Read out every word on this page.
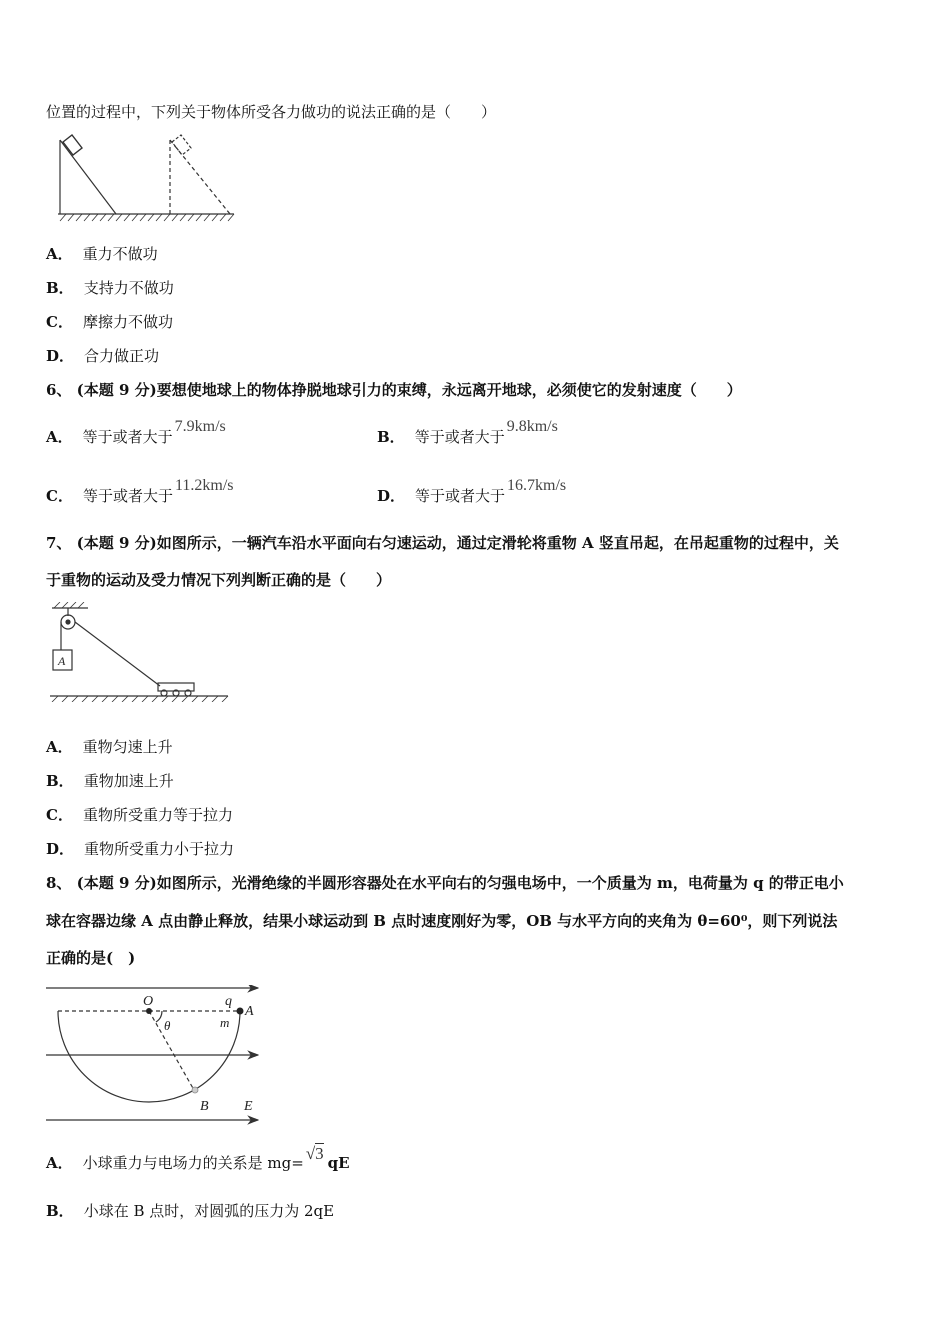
位置的过程中，下列关于物体所受各力做功的说法正确的是（　　）
A． 重力不做功
B． 支持力不做功
C． 摩擦力不做功
D． 合力做正功
6、 (本题 9 分)要想使地球上的物体挣脱地球引力的束缚，永远离开地球，必须使它的发射速度（　　）
A． 等于或者大于7.9km/s
B． 等于或者大于9.8km/s
C． 等于或者大于11.2km/s
D． 等于或者大于16.7km/s
7、 (本题 9 分)如图所示，一辆汽车沿水平面向右匀速运动，通过定滑轮将重物 A 竖直吊起，在吊起重物的过程中，关
于重物的运动及受力情况下列判断正确的是（　　）
A
A． 重物匀速上升
B． 重物加速上升
C． 重物所受重力等于拉力
D． 重物所受重力小于拉力
8、 (本题 9 分)如图所示，光滑绝缘的半圆形容器处在水平向右的匀强电场中，一个质量为 m，电荷量为 q 的带正电小
球在容器边缘 A 点由静止释放，结果小球运动到 B 点时速度刚好为零，OB 与水平方向的夹角为 θ=60⁰，则下列说法
正确的是(　)
O	q
A
m
θ
B	E
A． 小球重力与电场力的关系是 mg= √3 qE
B． 小球在 B 点时，对圆弧的压力为 2qE
